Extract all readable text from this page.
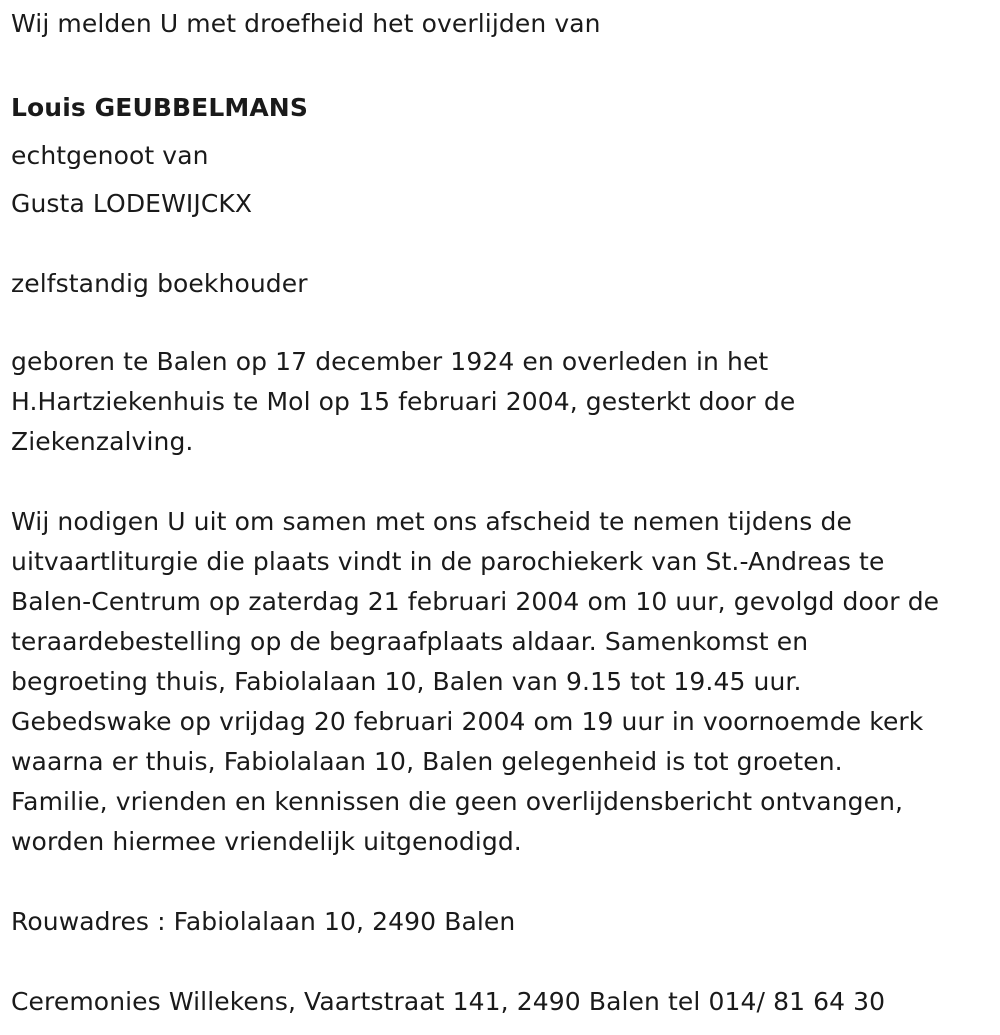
Wij melden U met droefheid het overlijden van
Louis GEUBBELMANS
echtgenoot van
Gusta LODEWIJCKX
zelfstandig boekhouder
geboren te Balen op 17 december 1924 en overleden in het
H.Hartziekenhuis te Mol op 15 februari 2004, gesterkt door de
Ziekenzalving.
Wij nodigen U uit om samen met ons afscheid te nemen tijdens de
uitvaartliturgie die plaats vindt in de parochiekerk van St.-Andreas te
Balen-Centrum op zaterdag 21 februari 2004 om 10 uur, gevolgd door de
teraardebestelling op de begraafplaats aldaar. Samenkomst en
begroeting thuis, Fabiolalaan 10, Balen van 9.15 tot 19.45 uur.
Gebedswake op vrijdag 20 februari 2004 om 19 uur in voornoemde kerk
waarna er thuis, Fabiolalaan 10, Balen gelegenheid is tot groeten.
Familie, vrienden en kennissen die geen overlijdensbericht ontvangen,
worden hiermee vriendelijk uitgenodigd.
Rouwadres : Fabiolalaan 10, 2490 Balen
Ceremonies Willekens, Vaartstraat 141, 2490 Balen tel 014/ 81 64 30
